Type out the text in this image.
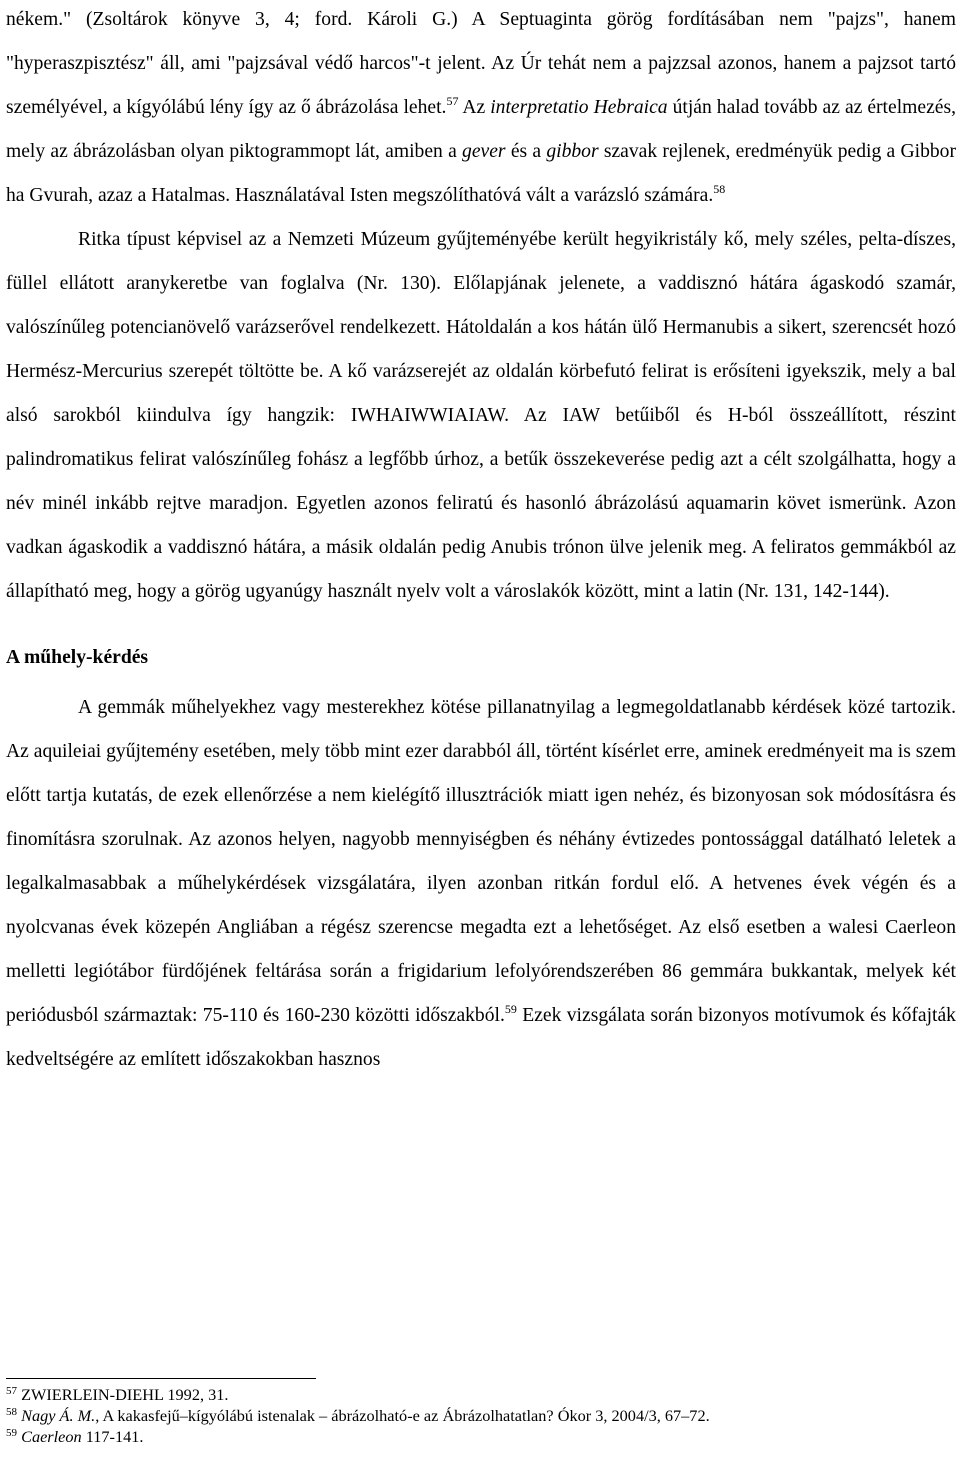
nékem." (Zsoltárok könyve 3, 4; ford. Károli G.) A Septuaginta görög fordításában nem "pajzs", hanem "hyperaszpisztész" áll, ami "pajzsával védő harcos"-t jelent. Az Úr tehát nem a pajzzsal azonos, hanem a pajzsot tartó személyével, a kígyólábú lény így az ő ábrázolása lehet.$^{57}$ Az interpretatio Hebraica útján halad tovább az az értelmezés, mely az ábrázolásban olyan piktogrammopt lát, amiben a gever és a gibbor szavak rejlenek, eredményük pedig a Gibbor ha Gvurah, azaz a Hatalmas. Használatával Isten megszólíthatóvá vált a varázsló számára.$^{58}$

Ritka típust képvisel az a Nemzeti Múzeum gyűjteményébe került hegyikristály kő, mely széles, pelta-díszes, füllel ellátott aranykeretbe van foglalva (Nr. 130). Előlapjának jelenete, a vaddisznó hátára ágaskodó szamár, valószínűleg potencianövelő varázserővel rendelkezett. Hátoldalán a kos hátán ülő Hermanubis a sikert, szerencsét hozó Hermész-Mercurius szerepét töltötte be. A kő varázserejét az oldalán körbefutó felirat is erősíteni igyekszik, mely a bal alsó sarokból kiindulva így hangzik: IWHAIWWIAIAW. Az IAW betűiből és H-ból összeállított, részint palindromatikus felirat valószínűleg fohász a legfőbb úrhoz, a betűk összekeverése pedig azt a célt szolgálhatta, hogy a név minél inkább rejtve maradjon. Egyetlen azonos feliratú és hasonló ábrázolású aquamarin követ ismerünk. Azon vadkan ágaskodik a vaddisznó hátára, a másik oldalán pedig Anubis trónon ülve jelenik meg. A feliratos gemmákból az állapítható meg, hogy a görög ugyanúgy használt nyelv volt a városlakók között, mint a latin (Nr. 131, 142-144).

A műhely-kérdés

A gemmák műhelyekhez vagy mesterekhez kötése pillanatnyilag a legmegoldatlanabb kérdések közé tartozik. Az aquileiai gyűjtemény esetében, mely több mint ezer darabból áll, történt kísérlet erre, aminek eredményeit ma is szem előtt tartja kutatás, de ezek ellenőrzése a nem kielégítő illusztrációk miatt igen nehéz, és bizonyosan sok módosításra és finomításra szorulnak. Az azonos helyen, nagyobb mennyiségben és néhány évtizedes pontossággal datálható leletek a legalkalmasabbak a műhelykérdések vizsgálatára, ilyen azonban ritkán fordul elő. A hetvenes évek végén és a nyolcvanas évek közepén Angliában a régész szerencse megadta ezt a lehetőséget. Az első esetben a walesi Caerleon melletti legiótábor fürdőjének feltárása során a frigidarium lefolyórendszerében 86 gemmára bukkantak, melyek két periódusból származtak: 75-110 és 160-230 közötti időszakból.$^{59}$ Ezek vizsgálata során bizonyos motívumok és kőfajták kedveltségére az említett időszakokban hasznos

$^{57}$ ZWIERLEIN-DIEHL 1992, 31.
$^{58}$ Nagy Á. M., A kakasfejű–kígyólábú istenalak – ábrázolható-e az Ábrázolhatatlan? Ókor 3, 2004/3, 67–72.
$^{59}$ Caerleon 117-141.
